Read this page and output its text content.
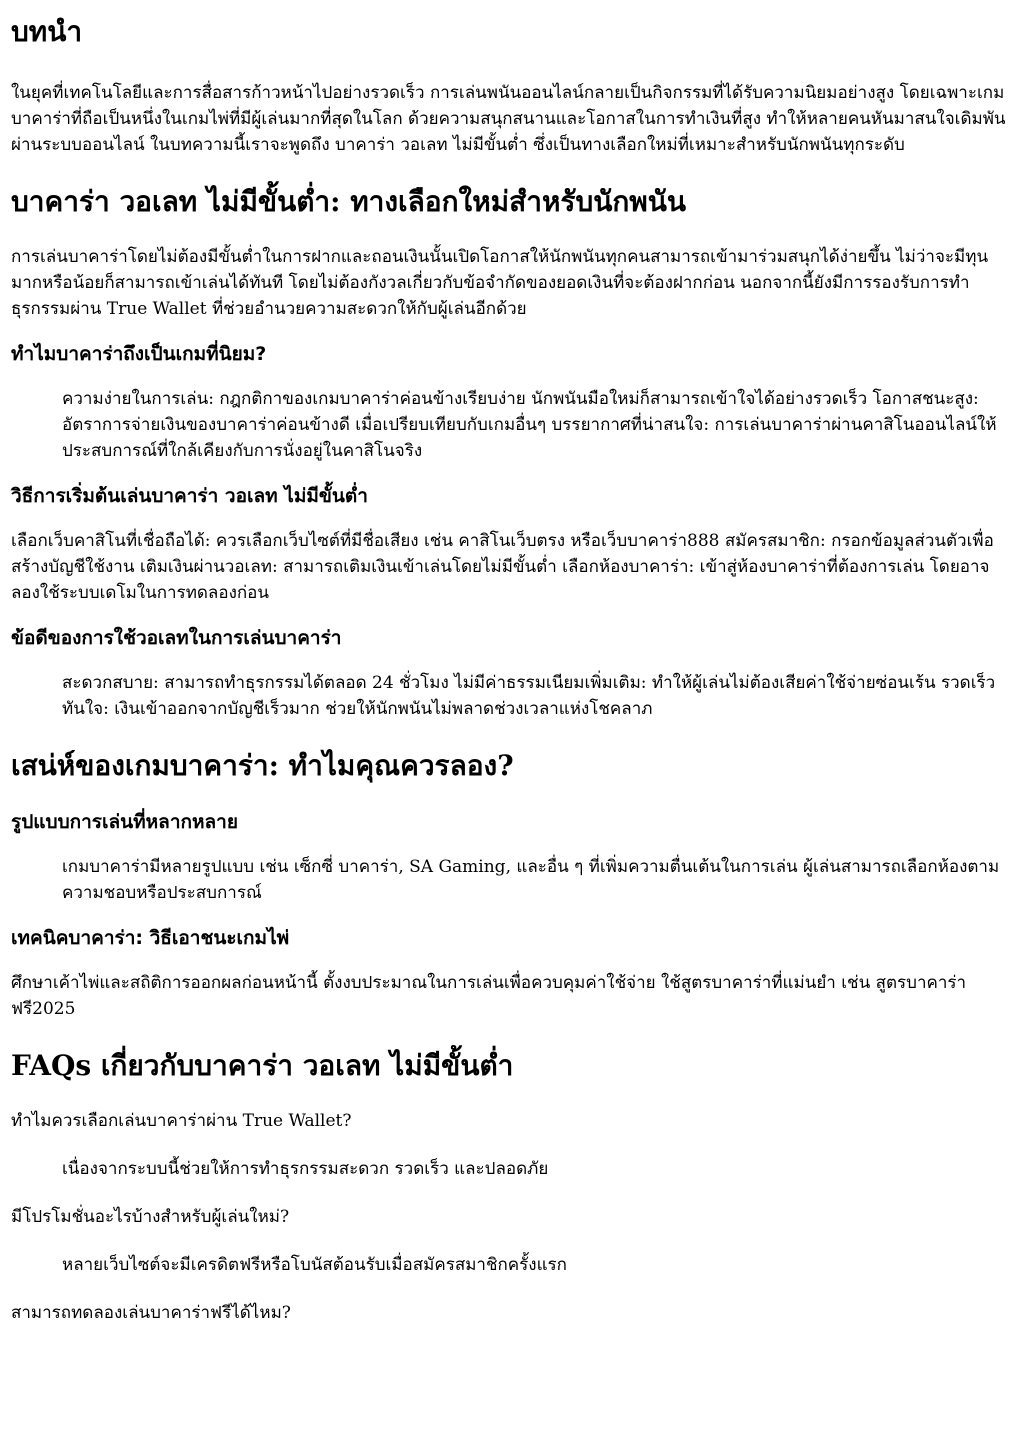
บทนำ

ในยุคที่เทคโนโลยีและการสื่อสารก้าวหน้าไปอย่างรวดเร็ว การเล่นพนันออนไลน์กลายเป็นกิจกรรมที่ได้รับความนิยมอย่างสูง โดยเฉพาะเกมบาคาร่าที่ถือเป็นหนึ่งในเกมไพ่ที่มีผู้เล่นมากที่สุดในโลก ด้วยความสนุกสนานและโอกาสในการทำเงินที่สูง ทำให้หลายคนหันมาสนใจเดิมพันผ่านระบบออนไลน์ ในบทความนี้เราจะพูดถึง บาคาร่า วอเลท ไม่มีขั้นต่ำ ซึ่งเป็นทางเลือกใหม่ที่เหมาะสำหรับนักพนันทุกระดับ

บาคาร่า วอเลท ไม่มีขั้นต่ำ: ทางเลือกใหม่สำหรับนักพนัน

การเล่นบาคาร่าโดยไม่ต้องมีขั้นต่ำในการฝากและถอนเงินนั้นเปิดโอกาสให้นักพนันทุกคนสามารถเข้ามาร่วมสนุกได้ง่ายขึ้น ไม่ว่าจะมีทุนมากหรือน้อยก็สามารถเข้าเล่นได้ทันที โดยไม่ต้องกังวลเกี่ยวกับข้อจำกัดของยอดเงินที่จะต้องฝากก่อน นอกจากนี้ยังมีการรองรับการทำธุรกรรมผ่าน True Wallet ที่ช่วยอำนวยความสะดวกให้กับผู้เล่นอีกด้วย

ทำไมบาคาร่าถึงเป็นเกมที่นิยม?
ความง่ายในการเล่น: กฎกติกาของเกมบาคาร่าค่อนข้างเรียบง่าย นักพนันมือใหม่ก็สามารถเข้าใจได้อย่างรวดเร็ว โอกาสชนะสูง: อัตราการจ่ายเงินของบาคาร่าค่อนข้างดี เมื่อเปรียบเทียบกับเกมอื่นๆ บรรยากาศที่น่าสนใจ: การเล่นบาคาร่าผ่านคาสิโนออนไลน์ให้ประสบการณ์ที่ใกล้เคียงกับการนั่งอยู่ในคาสิโนจริง
วิธีการเริ่มต้นเล่นบาคาร่า วอเลท ไม่มีขั้นต่ำ

เลือกเว็บคาสิโนที่เชื่อถือได้: ควรเลือกเว็บไซต์ที่มีชื่อเสียง เช่น คาสิโนเว็บตรง หรือเว็บบาคาร่า888 สมัครสมาชิก: กรอกข้อมูลส่วนตัวเพื่อสร้างบัญชีใช้งาน เติมเงินผ่านวอเลท: สามารถเติมเงินเข้าเล่นโดยไม่มีขั้นต่ำ เลือกห้องบาคาร่า: เข้าสู่ห้องบาคาร่าที่ต้องการเล่น โดยอาจลองใช้ระบบเดโมในการทดลองก่อน

ข้อดีของการใช้วอเลทในการเล่นบาคาร่า
สะดวกสบาย: สามารถทำธุรกรรมได้ตลอด 24 ชั่วโมง ไม่มีค่าธรรมเนียมเพิ่มเติม: ทำให้ผู้เล่นไม่ต้องเสียค่าใช้จ่ายซ่อนเร้น รวดเร็วทันใจ: เงินเข้าออกจากบัญชีเร็วมาก ช่วยให้นักพนันไม่พลาดช่วงเวลาแห่งโชคลาภ
เสน่ห์ของเกมบาคาร่า: ทำไมคุณควรลอง?
รูปแบบการเล่นที่หลากหลาย
เกมบาคาร่ามีหลายรูปแบบ เช่น เซ็กซี่ บาคาร่า, SA Gaming, และอื่น ๆ ที่เพิ่มความตื่นเต้นในการเล่น ผู้เล่นสามารถเลือกห้องตามความชอบหรือประสบการณ์
เทคนิคบาคาร่า: วิธีเอาชนะเกมไพ่

ศึกษาเค้าไพ่และสถิติการออกผลก่อนหน้านี้ ตั้งงบประมาณในการเล่นเพื่อควบคุมค่าใช้จ่าย ใช้สูตรบาคาร่าที่แม่นยำ เช่น สูตรบาคาร่าฟรี2025

FAQs เกี่ยวกับบาคาร่า วอเลท ไม่มีขั้นต่ำ

ทำไมควรเลือกเล่นบาคาร่าผ่าน True Wallet?

เนื่องจากระบบนี้ช่วยให้การทำธุรกรรมสะดวก รวดเร็ว และปลอดภัย

มีโปรโมชั่นอะไรบ้างสำหรับผู้เล่นใหม่?

หลายเว็บไซต์จะมีเครดิตฟรีหรือโบนัสต้อนรับเมื่อสมัครสมาชิกครั้งแรก

สามารถทดลองเล่นบาคาร่าฟรีได้ไหม?
